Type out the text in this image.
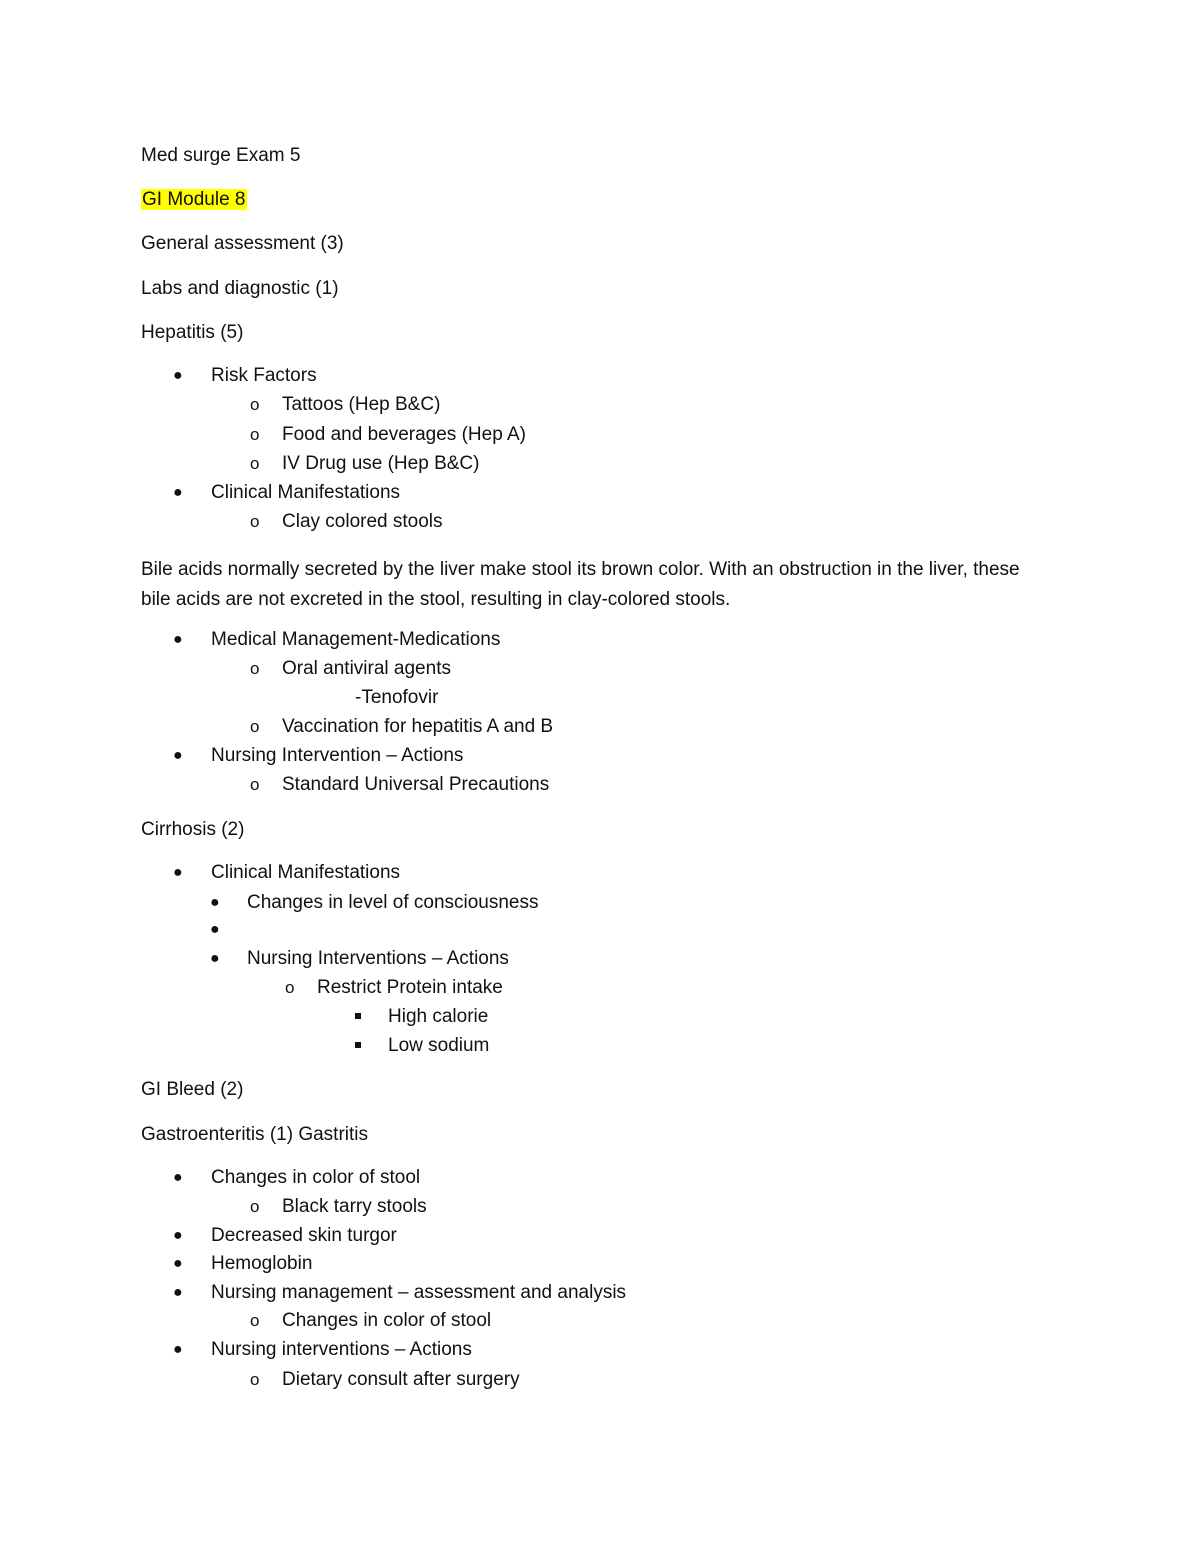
Med surge Exam 5
GI Module 8
General assessment (3)
Labs and diagnostic (1)
Hepatitis (5)
● Risk Factors
o Tattoos (Hep B&C)
o Food and beverages (Hep A)
o IV Drug use (Hep B&C)
● Clinical Manifestations
o Clay colored stools
Bile acids normally secreted by the liver make stool its brown color. With an obstruction in the liver, these bile acids are not excreted in the stool, resulting in clay-colored stools.
● Medical Management-Medications
o Oral antiviral agents
-Tenofovir
o Vaccination for hepatitis A and B
● Nursing Intervention – Actions
o Standard Universal Precautions
Cirrhosis (2)
● Clinical Manifestations
● Changes in level of consciousness
●
● Nursing Interventions – Actions
o Restrict Protein intake
High calorie
Low sodium
GI Bleed (2)
Gastroenteritis (1) Gastritis
● Changes in color of stool
o Black tarry stools
● Decreased skin turgor
● Hemoglobin
● Nursing management – assessment and analysis
o Changes in color of stool
● Nursing interventions – Actions
o Dietary consult after surgery
